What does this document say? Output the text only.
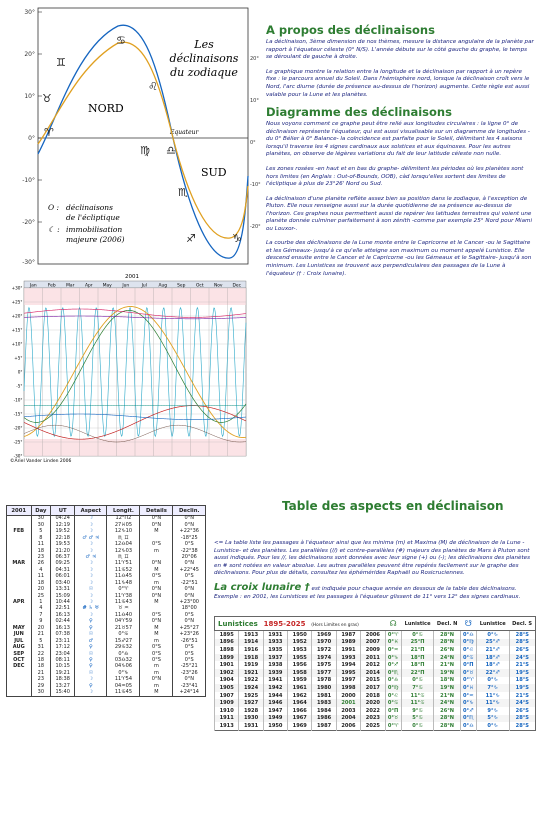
30°
20°
10°
0°
-10°
-20°
-30°
20°
10°
0°
-10°
-20°
Equateur
♊
♋
♉
♈
♌
♍ ♎
♏
♐	♑
NORD
SUD
Les
déclinaisons
du zodiaque
O : déclinaisons
de l'écliptique
☾ : immobilisation
majeure (2006)
2001
Jan	Feb Mar Apr May Jun	Jul	Aug Sep Oct Nov Dec
+30°
+25°
+20°
+15°
+10°
+5°
0°
-5°
-10°
-15°
-20°
-25°
-30°
©Ariel Vander Linden 2006
A propos des déclinaisons

La déclinaison, 3ème dimension de nos thèmes, mesure la distance angulaire de la planète par rapport à l'équateur céleste (0° N/S). L'année débute sur le côté gauche du graphe, le temps se déroulant de gauche à droite.

Le graphique montre la relation entre la longitude et la déclinaison par rapport à un repère fixe : le parcours annuel du Soleil. Dans l'hémisphère nord, lorsque la déclinaison croît vers le Nord, l'arc diurne (durée de présence au-dessus de l'horizon) augmente. Cette règle est aussi valable pour la Lune et les planètes.

Diagramme des déclinaisons

Nous voyons comment ce graphe peut être relié aux longitudes circulaires : la ligne 0° de déclinaison représente l'équateur, qui est aussi visualisable sur un diagramme de longitudes -du 0° Bélier à 0° Balance- la coïncidence est parfaite pour le Soleil, délimitant les 4 saisons lorsqu'il traverse les 4 signes cardinaux aux solstices et aux équinoxes. Pour les autres planètes, on observe de légères variations du fait de leur latitude céleste non nulle.

Les zones rosées -en haut et en bas du graphe- délimitent les périodes où les planètes sont hors limites (en Anglais : Out-of-Bounds, OOB), càd lorsqu'elles sortent des limites de l'écliptique à plus de 23°26' Nord ou Sud.

La déclinaison d'une planète reflète assez bien sa position dans le zodiaque, à l'exception de Pluton. Elle nous renseigne aussi sur la durée quotidienne de sa présence au-dessus de l'horizon. Ces graphes nous permettent aussi de repérer les latitudes terrestres qui voient une planète donnée culminer parfaitement à son zénith -comme par exemple 25° Nord pour Miami ou Louxor-.

La courbe des déclinaisons de la Lune monte entre le Capricorne et le Cancer -ou le Sagittaire et les Gémeaux- jusqu'à ce qu'elle atteigne son maximum ou moment appelé Lunistice. Elle descend ensuite entre le Cancer et le Capricorne -ou les Gémeaux et le Sagittaire- jusqu'à son minimum. Les Lunistices se trouvent aux perpendiculaires des passages de la Lune à l'équateur († : Croix lunaire).

Table des aspects en déclinaison
2001	Day	UT	Aspect	Longit.	Details	Declin.
	30	04:24	☽	12°Π2	0°N	0°N
	30	12:19	☽	27♓05	0°N	0°N
FEB	5	19:52	☽	12♑10	M	+22°36
	8	22:18	♂ ♂ ♃	♏ ♊		-18°25
	11	19:53	☽	12♎04	0°S	0°S
	18	21:20	☽	12♑03	m	-22°38
	23	06:37	♂ ♃	♏ ♊		20°06
MAR	26	09:25	☽	11♈51	0°N	0°N
	4	04:31	☽	11♋52	M	+22°45
	11	06:01	☽	11♎45	0°S	0°S
	18	03:40	☽	11♑48	m	-22°51
	20	13:31	☉	0°♈	0°N	0°N
	25	15:09	☽	11♈38	0°N	0°N
APR	1	10:44	☽	11♋43	M	+23°00
	4	22:51	# ♄ ♅	♉ ♒		18°00
	7	16:13	☽	11♎40	0°S	0°S
	9	02:44	♀	04♈59	0°N	0°N
MAY	20	16:13	♀	21♉57	M	+25°27
JUN	21	07:38	☉	0°♋	M	+23°26
JUL	5	23:11	♂	15♐27	m	-26°51
AUG	31	17:12	♀	29♋32	0°S	0°S
SEP	22	23:04	☉	0°♎	0°S	0°S
OCT	18	08:11	♀	03♎32	0°S	0°S
DEC	18	10:15	♀	04♑06	m	-25°21
	21	19:21	☉	0°♑	m	-23°26
	23	18:38	☽	11♈54	0°N	0°N
	29	13:27	♀	04♒05	m	-23°41
	30	15:40	☽	11♋45	M	+24°14

<= La table liste les passages à l'équateur ainsi que les minima (m) et Maxima (M) de déclinaison de la Lune -Lunistice- et des planètes. Les parallèles (//) et contre-parallèles (#) majeurs des planètes de Mars à Pluton sont aussi indiqués. Pour les //, les déclinaisons sont données avec leur signe (+) ou (-); les déclinaisons des planètes en # sont notées en valeur absolue. Les autres parallèles peuvent être repérés facilement sur le graphe des déclinaisons. Pour plus de détails, consultez les éphémérides Raphaël ou Rosicruciennes.

La croix lunaire † est indiquée pour chaque année en dessous de la table des déclinaisons. Exemple : en 2001, les Lunistices et les passages à l'équateur glissent de 11° vers 12° des signes cardinaux.

Lunistices 1895-2025 (Hors Limites en gras)							☊	Lunistice	Decl. N	☋	Lunistice	Decl. S
1895	1913	1931	1950	1969	1987	2006	0°♈	0°♋	28°N	0°♎	0°♑	28°S
1896	1914	1933	1952	1970	1989	2007	0°♓	25°Π	28°N	0°♍	25°♐	28°S
1898	1916	1935	1953	1972	1991	2009	0°♒	21°Π	26°N	0°♌	21°♐	26°S
1899	1918	1937	1955	1974	1993	2011	0°♑	18°Π	24°N	0°♋	18°♐	24°S
1901	1919	1938	1956	1975	1994	2012	0°♐	18°Π	21°N	0°Π	18°♐	21°S
1902	1921	1939	1958	1977	1995	2014	0°♏	22°Π	19°N	0°♉	22°♐	19°S
1904	1922	1941	1959	1978	1997	2015	0°♎	0°♋	18°N	0°♈	0°♑	18°S
1905	1924	1942	1961	1980	1998	2017	0°♍	7°♋	19°N	0°♓	7°♑	19°S
1907	1925	1944	1962	1981	2000	2018	0°♌	11°♋	21°N	0°♒	11°♑	21°S
1909	1927	1946	1964	1983	2001	2020	0°♋	11°♋	24°N	0°♑	11°♑	24°S
1910	1928	1947	1966	1984	2003	2022	0°Π	9°♋	26°N	0°♐	9°♑	26°S
1911	1930	1949	1967	1986	2004	2023	0°♉	5°♋	28°N	0°♏	5°♑	28°S
1913	1931	1950	1969	1987	2006	2025	0°♈	0°♋	28°N	0°♎	0°♑	28°S
